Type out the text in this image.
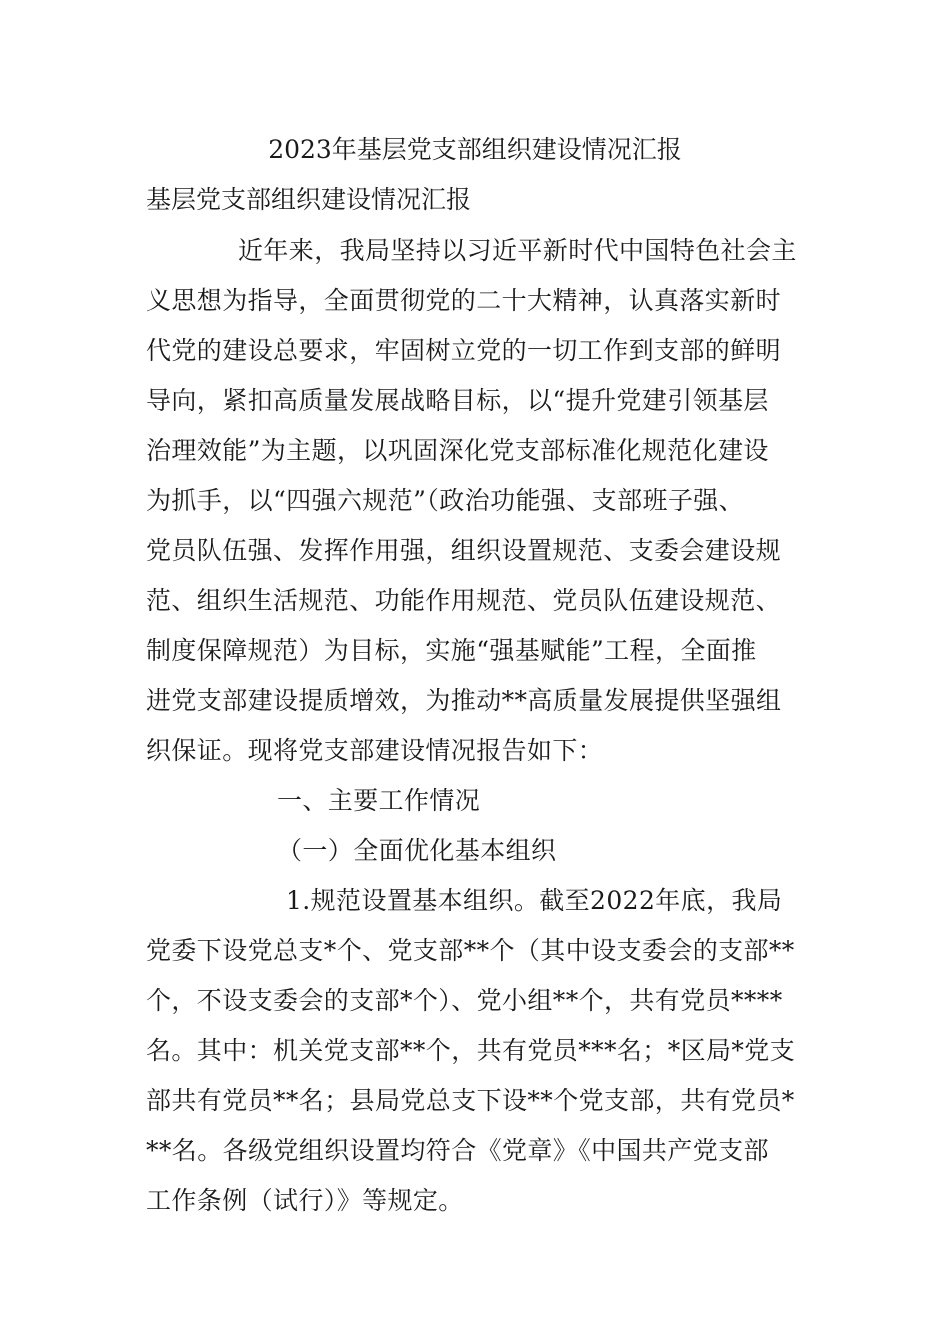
2023年基层党支部组织建设情况汇报

基层党支部组织建设情况汇报

近年来，我局坚持以习近平新时代中国特色社会主
义思想为指导，全面贯彻党的二十大精神，认真落实新时
代党的建设总要求，牢固树立党的一切工作到支部的鲜明
导向，紧扣高质量发展战略目标，以“提升党建引领基层
治理效能”为主题，以巩固深化党支部标准化规范化建设
为抓手，以“四强六规范”（政治功能强、支部班子强、
党员队伍强、发挥作用强，组织设置规范、支委会建设规
范、组织生活规范、功能作用规范、党员队伍建设规范、
制度保障规范）为目标，实施“强基赋能”工程，全面推
进党支部建设提质增效，为推动**高质量发展提供坚强组
织保证。现将党支部建设情况报告如下：
一、主要工作情况
（一）全面优化基本组织
1.规范设置基本组织。截至2022年底，我局
党委下设党总支*个、党支部**个（其中设支委会的支部**
个，不设支委会的支部*个）、党小组**个，共有党员****
名。其中：机关党支部**个，共有党员***名；*区局*党支
部共有党员**名；县局党总支下设**个党支部，共有党员*
**名。各级党组织设置均符合《党章》《中国共产党支部
工作条例（试行）》等规定。
